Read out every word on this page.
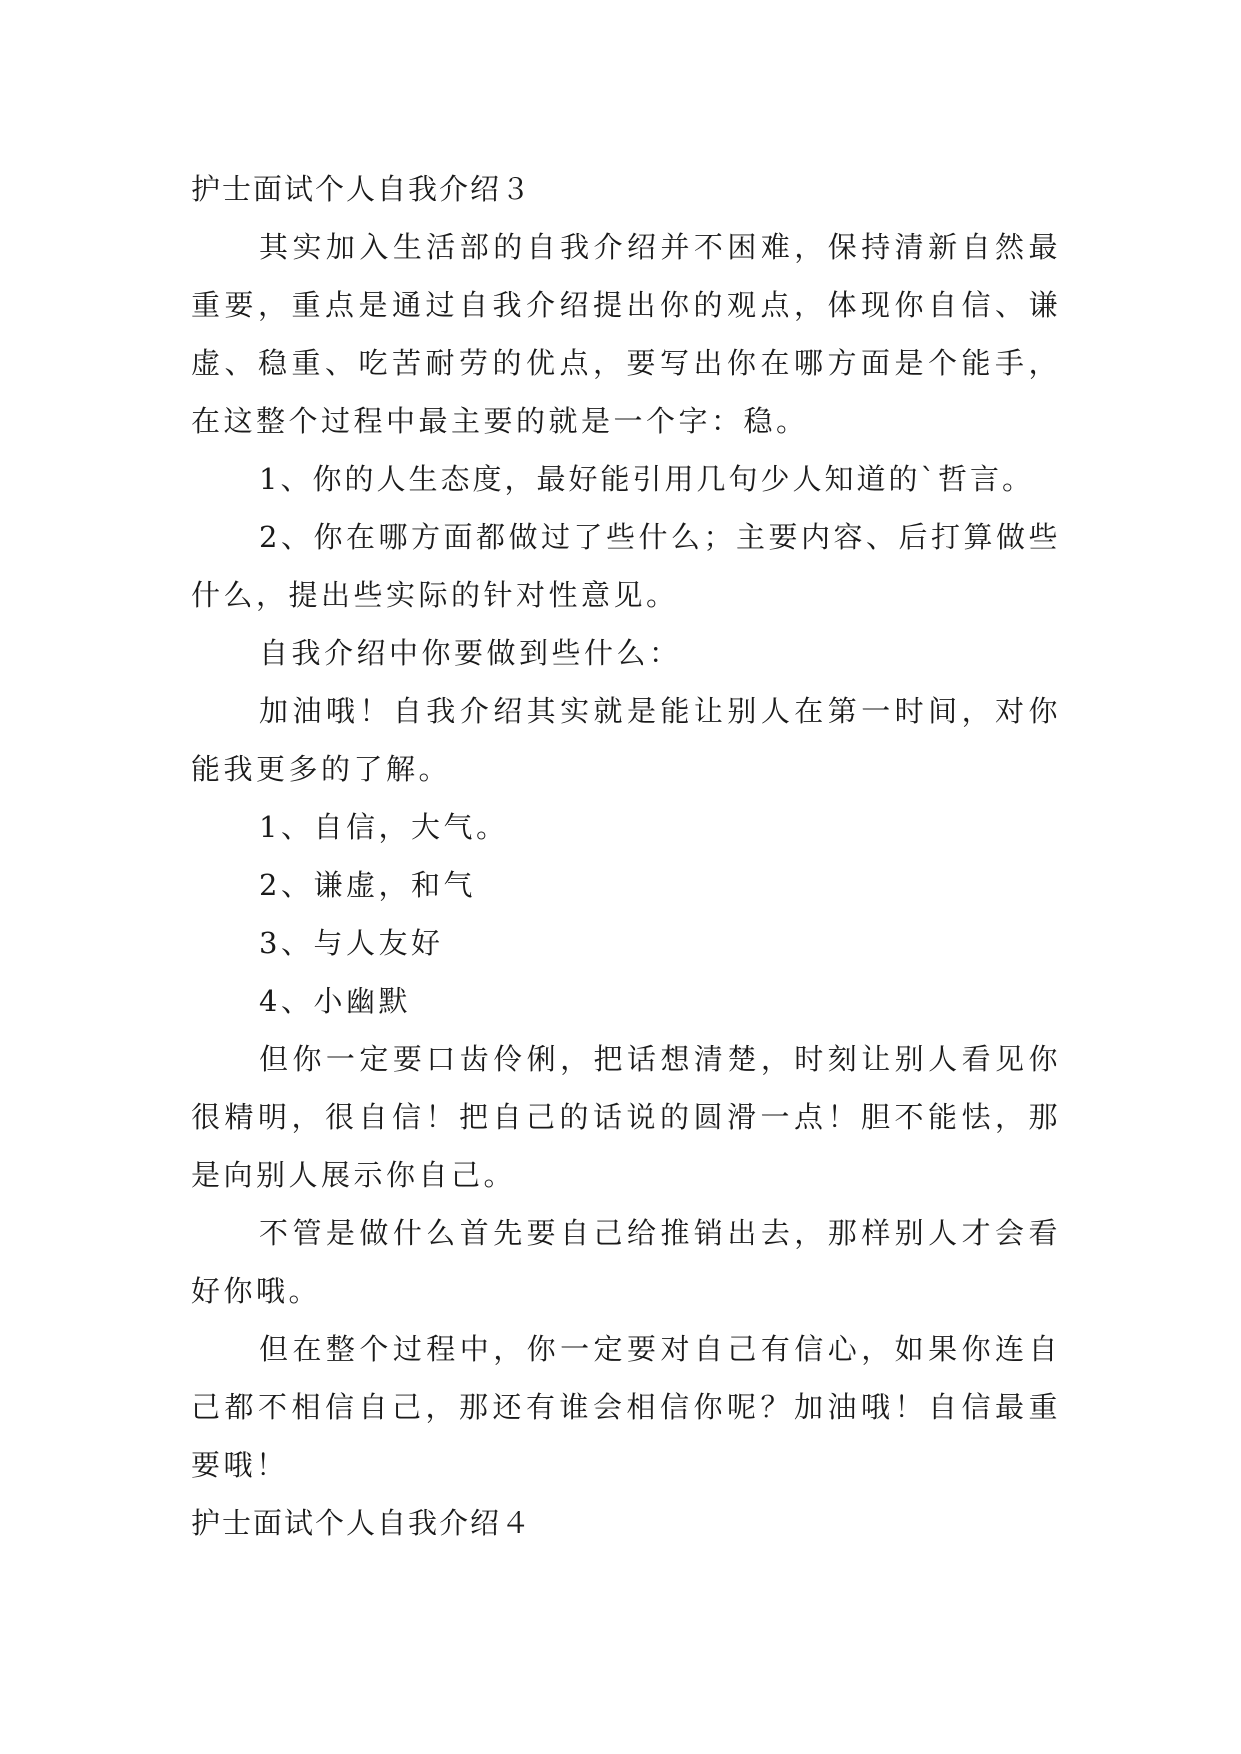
护士面试个人自我介绍３

其实加入生活部的自我介绍并不困难，保持清新自然最重要，重点是通过自我介绍提出你的观点，体现你自信、谦虚、稳重、吃苦耐劳的优点，要写出你在哪方面是个能手，在这整个过程中最主要的就是一个字：稳。

1、你的人生态度，最好能引用几句少人知道的`哲言。

2、你在哪方面都做过了些什么；主要内容、后打算做些什么，提出些实际的针对性意见。

自我介绍中你要做到些什么：

加油哦！自我介绍其实就是能让别人在第一时间，对你能我更多的了解。

1、自信，大气。

2、谦虚，和气

3、与人友好

4、小幽默

但你一定要口齿伶俐，把话想清楚，时刻让别人看见你很精明，很自信！把自己的话说的圆滑一点！胆不能怯，那是向别人展示你自己。

不管是做什么首先要自己给推销出去，那样别人才会看好你哦。

但在整个过程中，你一定要对自己有信心，如果你连自己都不相信自己，那还有谁会相信你呢？加油哦！自信最重要哦！

护士面试个人自我介绍４
